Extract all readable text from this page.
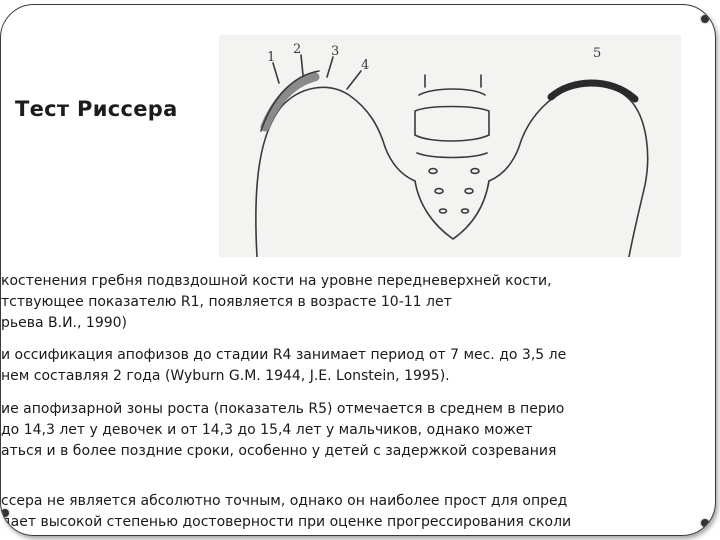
1
2 3
4
5
Тест Риссера
костенения гребня подвздошной кости на уровне передневерхней кости,
тствующее показателю R1, появляется в возрасте 10-11 лет
рьева В.И., 1990)
и оссификация апофизов до стадии R4 занимает период от 7 мес. до 3,5 ле
нем составляя 2 года (Wyburn G.M. 1944, J.E. Lonstein, 1995).
ие апофизарной зоны роста (показатель R5) отмечается в среднем в перио
до 14,3 лет у девочек и от 14,3 до 15,4 лет у мальчиков, однако может
аться и в более поздние сроки, особенно у детей с задержкой созревания
ссера не является абсолютно точным, однако он наиболее прост для опред
дает высокой степенью достоверности при оценке прогрессирования сколи
